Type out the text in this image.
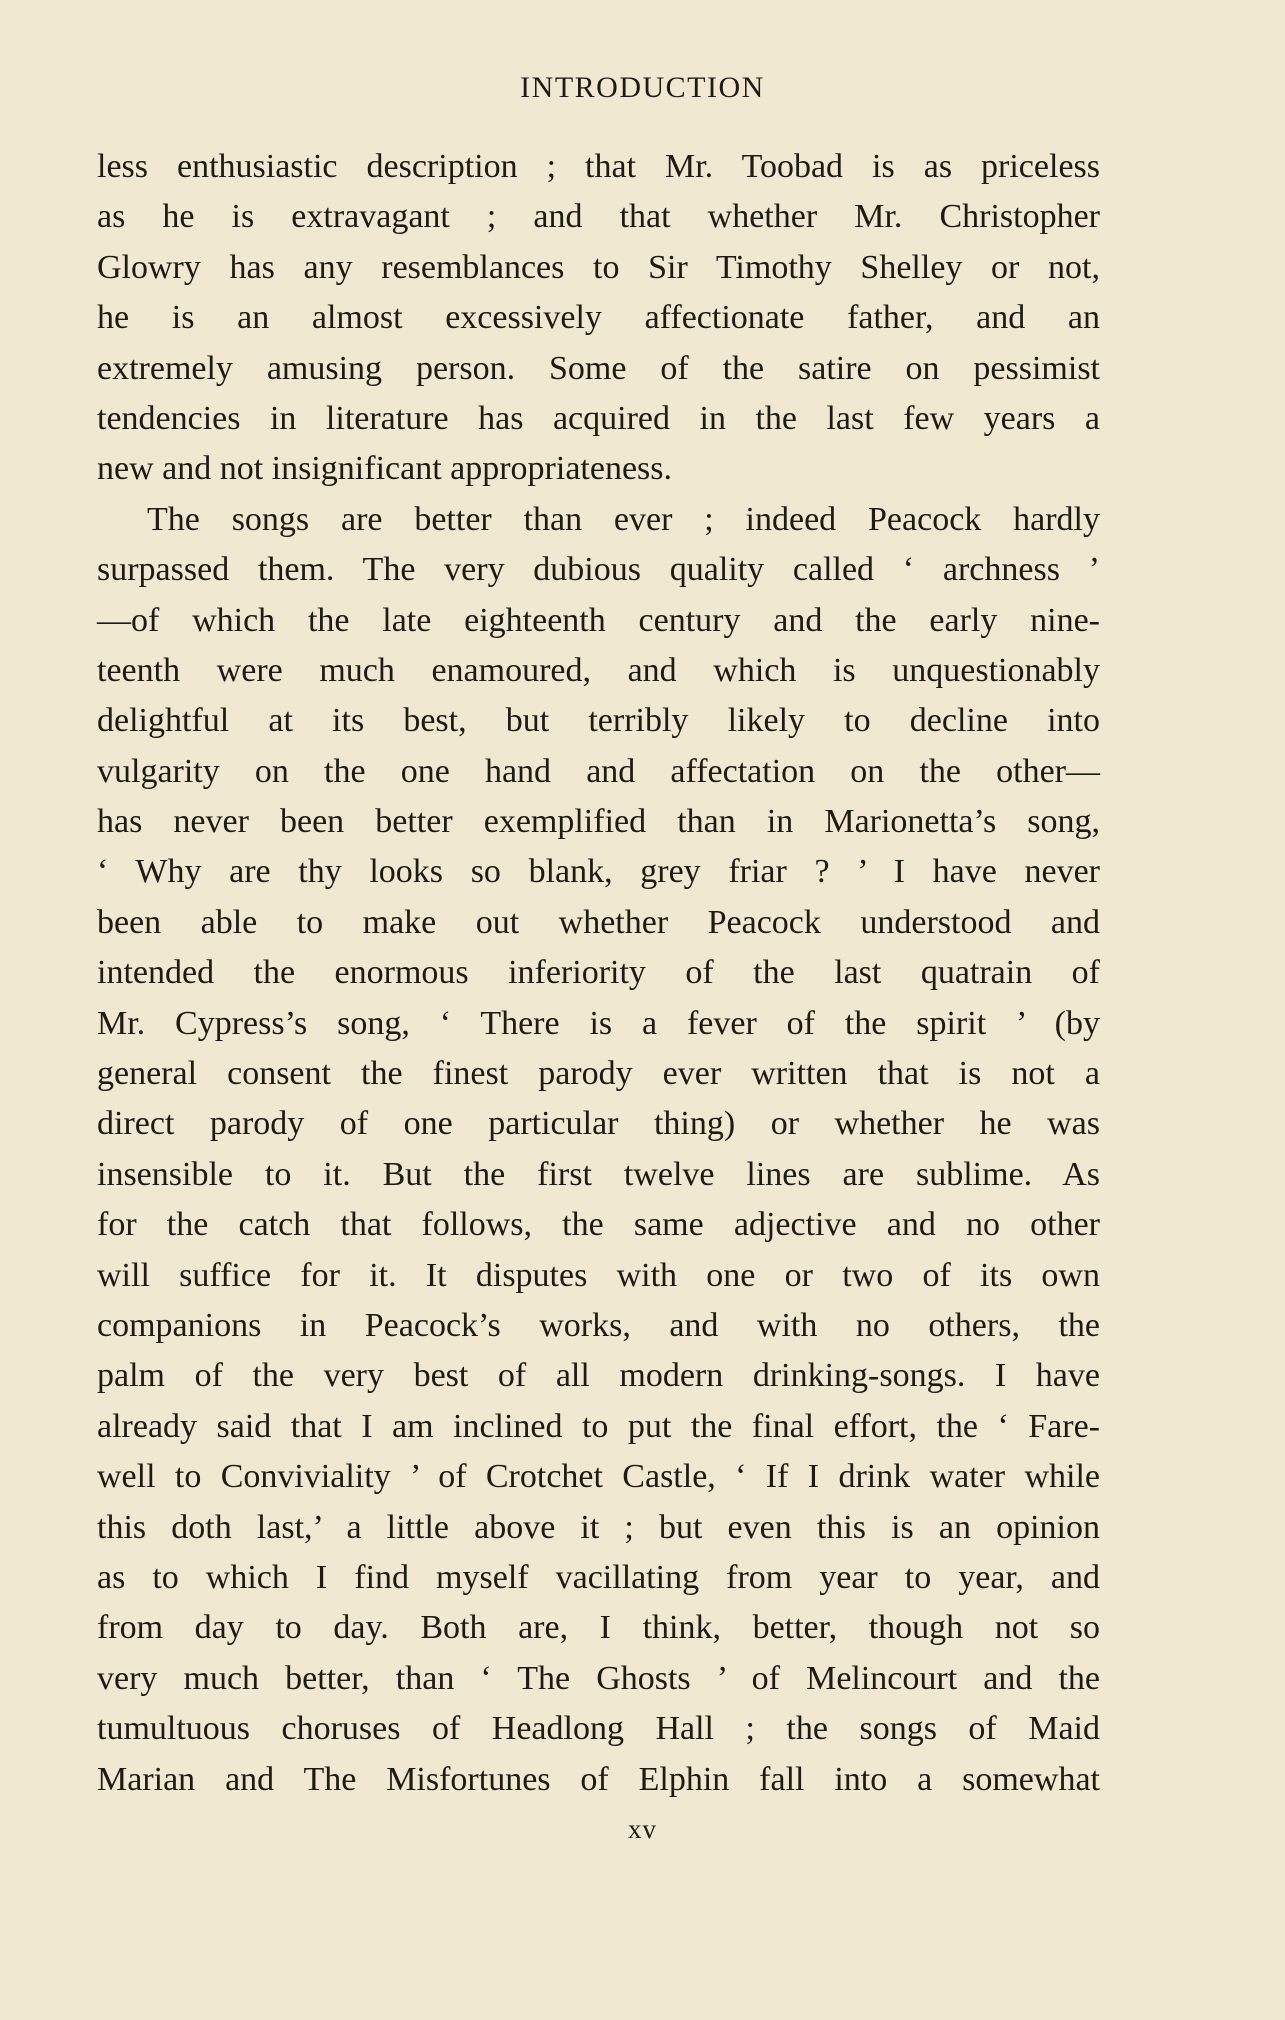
INTRODUCTION
less enthusiastic description ; that Mr. Toobad is as priceless
as he is extravagant ; and that whether Mr. Christopher
Glowry has any resemblances to Sir Timothy Shelley or not,
he is an almost excessively affectionate father, and an
extremely amusing person. Some of the satire on pessimist
tendencies in literature has acquired in the last few years a
new and not insignificant appropriateness.
The songs are better than ever ; indeed Peacock hardly
surpassed them. The very dubious quality called ‘ archness ’
—of which the late eighteenth century and the early nine-
teenth were much enamoured, and which is unquestionably
delightful at its best, but terribly likely to decline into
vulgarity on the one hand and affectation on the other—
has never been better exemplified than in Marionetta’s song,
‘ Why are thy looks so blank, grey friar ? ’ I have never
been able to make out whether Peacock understood and
intended the enormous inferiority of the last quatrain of
Mr. Cypress’s song, ‘ There is a fever of the spirit ’ (by
general consent the finest parody ever written that is not a
direct parody of one particular thing) or whether he was
insensible to it. But the first twelve lines are sublime. As
for the catch that follows, the same adjective and no other
will suffice for it. It disputes with one or two of its own
companions in Peacock’s works, and with no others, the
palm of the very best of all modern drinking-songs. I have
already said that I am inclined to put the final effort, the ‘ Fare-
well to Conviviality ’ of Crotchet Castle, ‘ If I drink water while
this doth last,’ a little above it ; but even this is an opinion
as to which I find myself vacillating from year to year, and
from day to day. Both are, I think, better, though not so
very much better, than ‘ The Ghosts ’ of Melincourt and the
tumultuous choruses of Headlong Hall ; the songs of Maid
Marian and The Misfortunes of Elphin fall into a somewhat
xv
